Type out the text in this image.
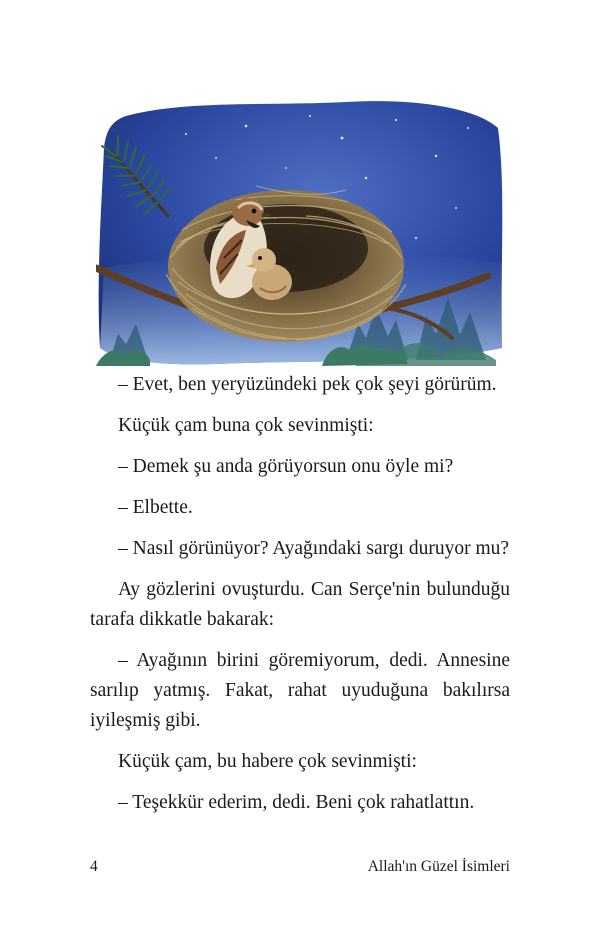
– Evet, ben yeryüzündeki pek çok şeyi görürüm.

Küçük çam buna çok sevinmişti:

– Demek şu anda görüyorsun onu öyle mi?

– Elbette.

– Nasıl görünüyor? Ayağındaki sargı duruyor mu?

Ay gözlerini ovuşturdu. Can Serçe'nin bulunduğu tarafa dikkatle bakarak:

– Ayağının birini göremiyorum, dedi. Annesine sarılıp yatmış. Fakat, rahat uyuduğuna bakılırsa iyileşmiş gibi.

Küçük çam, bu habere çok sevinmişti:

– Teşekkür ederim, dedi. Beni çok rahatlattın.

4	Allah'ın Güzel İsimleri
